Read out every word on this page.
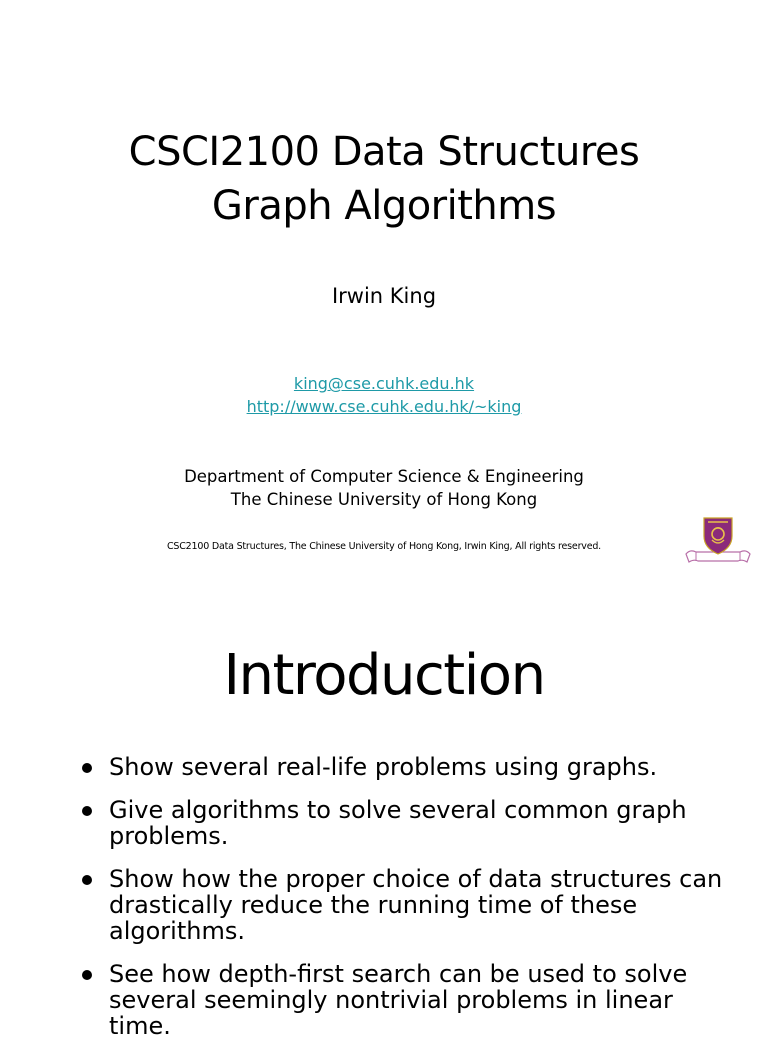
CSCI2100 Data Structures
Graph Algorithms
Irwin King
king@cse.cuhk.edu.hk
http://www.cse.cuhk.edu.hk/~king
Department of Computer Science & Engineering
The Chinese University of Hong Kong
CSC2100 Data Structures, The Chinese University of Hong Kong, Irwin King, All rights reserved.
Introduction
Show several real-life problems using graphs.
Give algorithms to solve several common graph problems.
Show how the proper choice of data structures can drastically reduce the running time of these algorithms.
See how depth-first search can be used to solve several seemingly nontrivial problems in linear time.
